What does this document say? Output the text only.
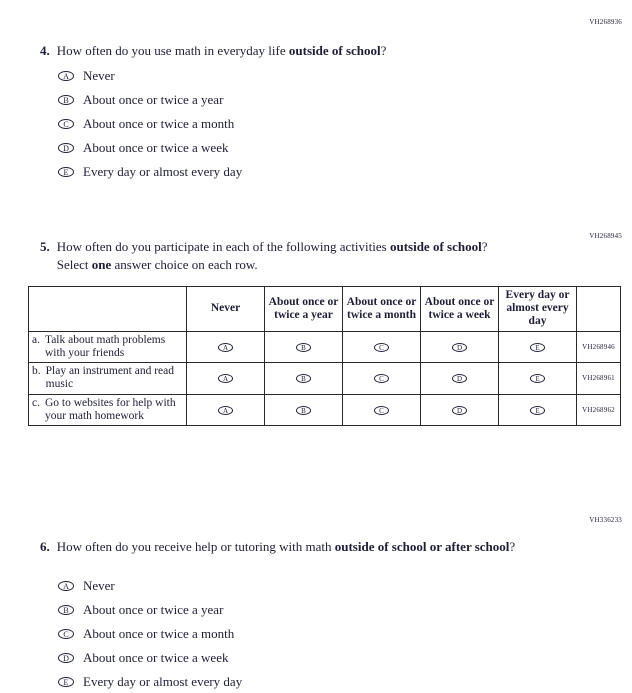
VH268936
4. How often do you use math in everyday life outside of school?
A	Never
B	About once or twice a year
C	About once or twice a month
D	About once or twice a week
E	Every day or almost every day
VH268945
5. How often do you participate in each of the following activities outside of school? Select one answer choice on each row.
	Never	About once or twice a year	About once or twice a month	About once or twice a week	Every day or almost every day	

a. Talk about math problems with your friends	A	B	C	D	E	VH268946

b. Play an instrument and read music	A	B	C	D	E	VH268961

c. Go to websites for help with your math homework	A	B	C	D	E	VH268962
VH336233
6. How often do you receive help or tutoring with math outside of school or after school?
A	Never
B	About once or twice a year
C	About once or twice a month
D	About once or twice a week
E	Every day or almost every day
